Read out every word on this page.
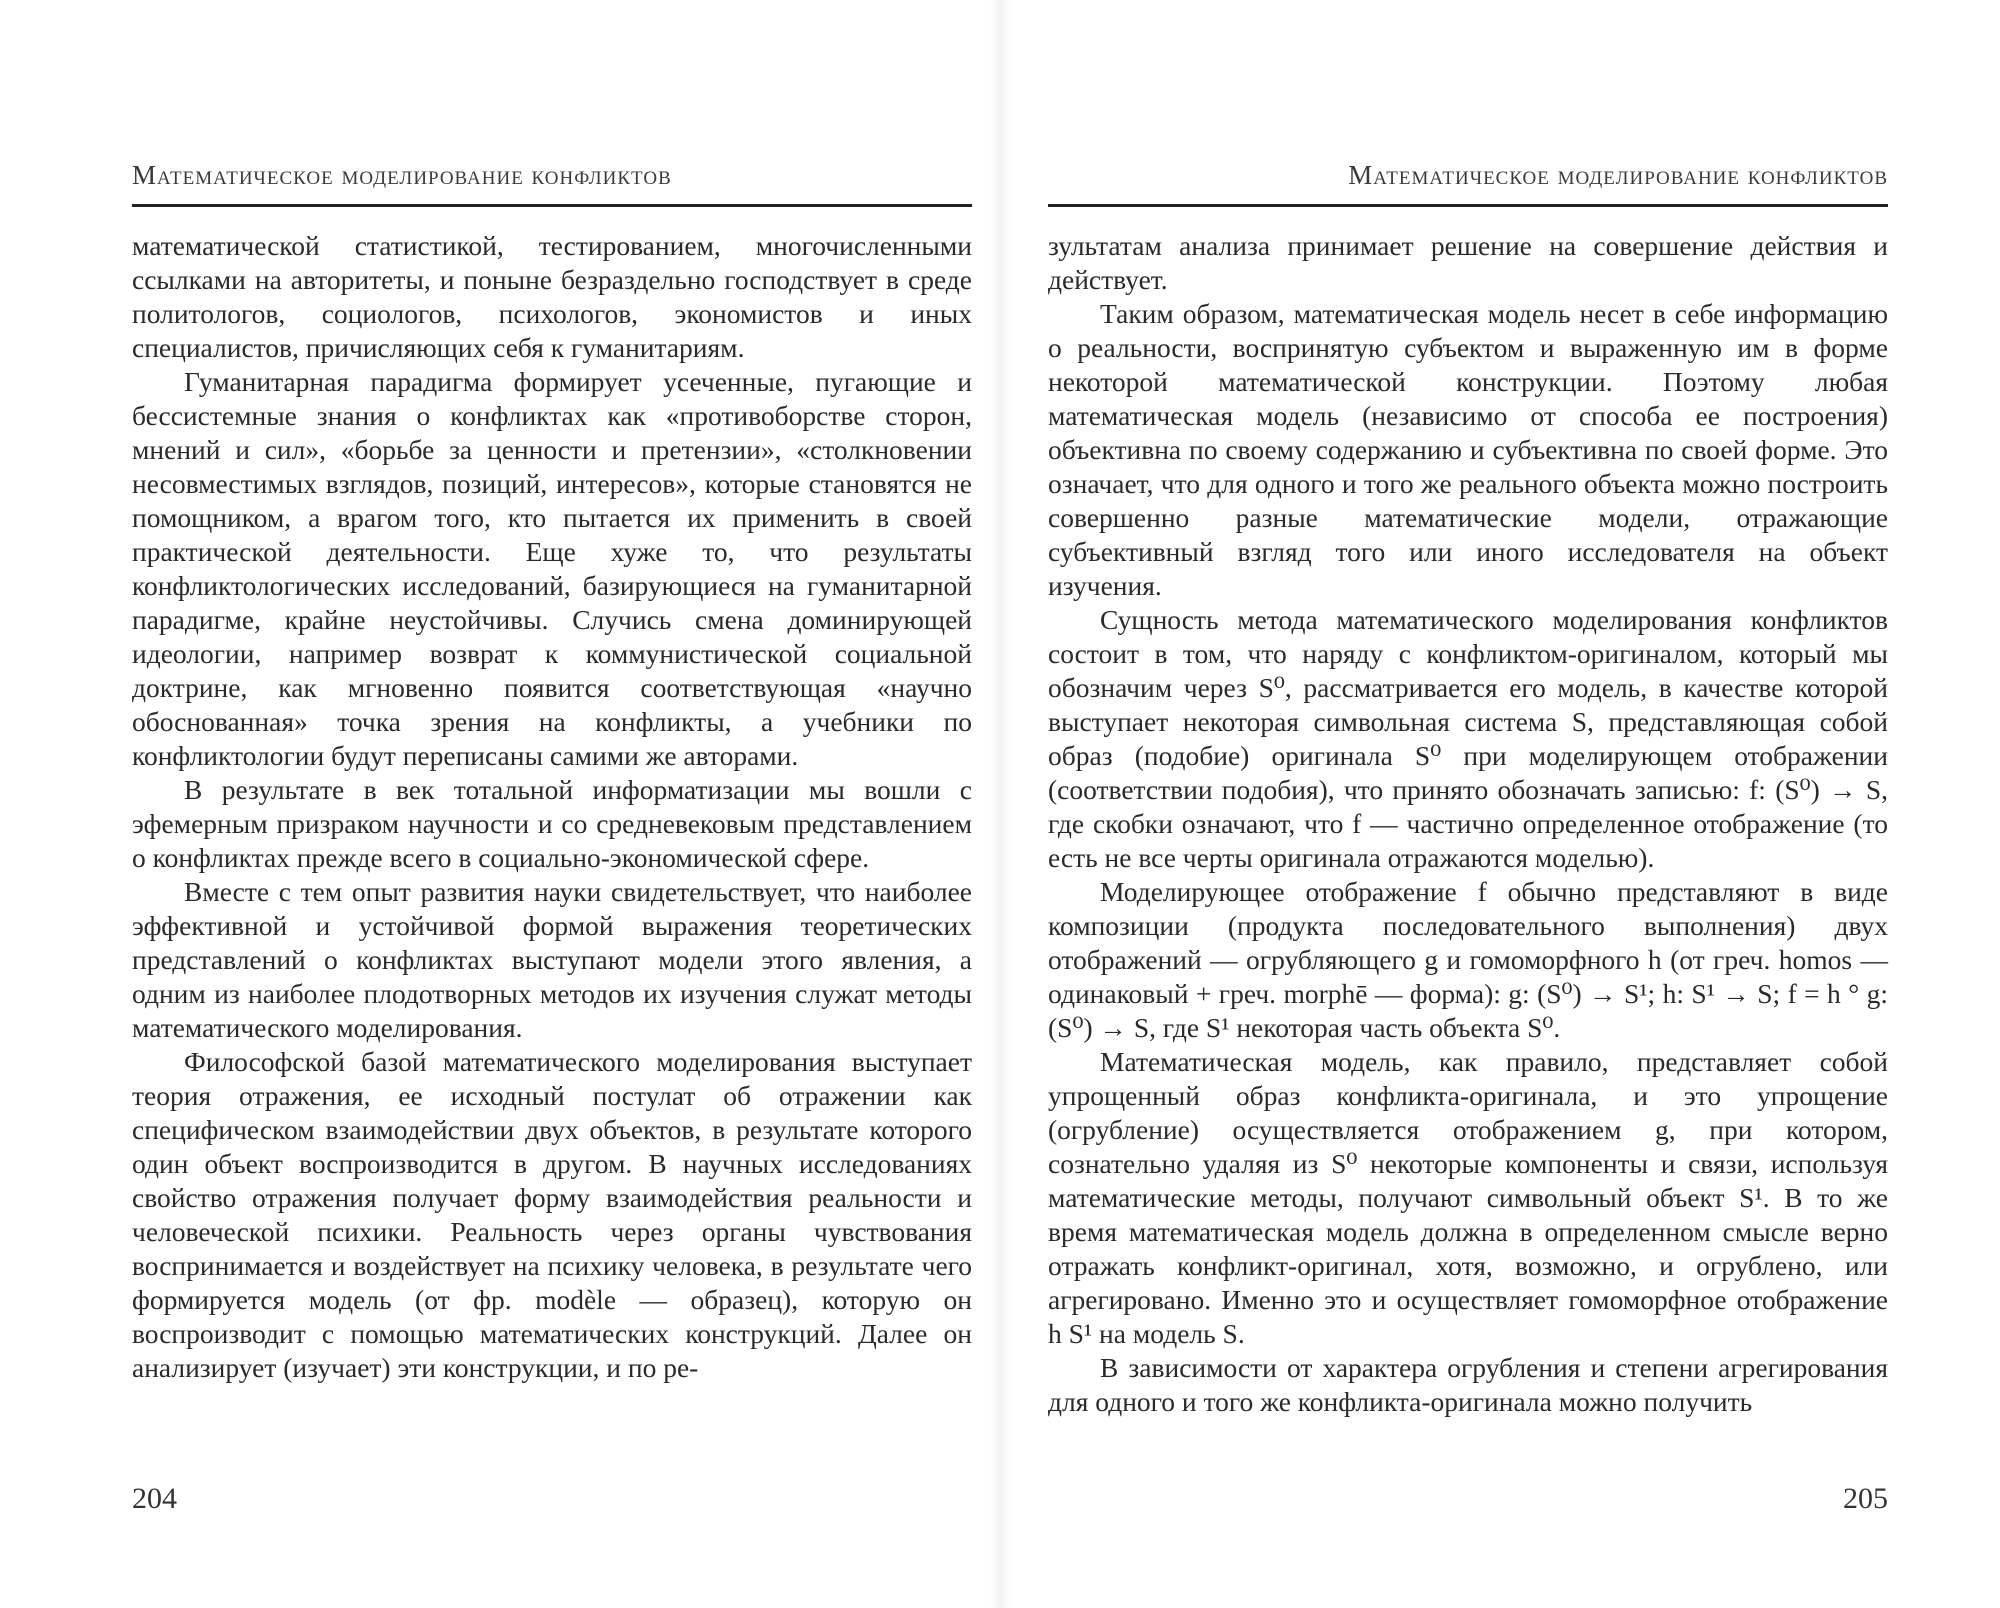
Математическое моделирование конфликтов

математической статистикой, тестированием, многочисленными ссылками на авторитеты, и поныне безраздельно господствует в среде политологов, социологов, психологов, экономистов и иных специалистов, причисляющих себя к гуманитариям.

Гуманитарная парадигма формирует усеченные, пугающие и бессистемные знания о конфликтах как «противоборстве сторон, мнений и сил», «борьбе за ценности и претензии», «столкновении несовместимых взглядов, позиций, интересов», которые становятся не помощником, а врагом того, кто пытается их применить в своей практической деятельности. Еще хуже то, что результаты конфликтологических исследований, базирующиеся на гуманитарной парадигме, крайне неустойчивы. Случись смена доминирующей идеологии, например возврат к коммунистической социальной доктрине, как мгновенно появится соответствующая «научно обоснованная» точка зрения на конфликты, а учебники по конфликтологии будут переписаны самими же авторами.

В результате в век тотальной информатизации мы вошли с эфемерным призраком научности и со средневековым представлением о конфликтах прежде всего в социально-экономической сфере.

Вместе с тем опыт развития науки свидетельствует, что наиболее эффективной и устойчивой формой выражения теоретических представлений о конфликтах выступают модели этого явления, а одним из наиболее плодотворных методов их изучения служат методы математического моделирования.

Философской базой математического моделирования выступает теория отражения, ее исходный постулат об отражении как специфическом взаимодействии двух объектов, в результате которого один объект воспроизводится в другом. В научных исследованиях свойство отражения получает форму взаимодействия реальности и человеческой психики. Реальность через органы чувствования воспринимается и воздействует на психику человека, в результате чего формируется модель (от фр. modèle — образец), которую он воспроизводит с помощью математических конструкций. Далее он анализирует (изучает) эти конструкции, и по ре-

204
Математическое моделирование конфликтов

зультатам анализа принимает решение на совершение действия и действует.

Таким образом, математическая модель несет в себе информацию о реальности, воспринятую субъектом и выраженную им в форме некоторой математической конструкции. Поэтому любая математическая модель (независимо от способа ее построения) объективна по своему содержанию и субъективна по своей форме. Это означает, что для одного и того же реального объекта можно построить совершенно разные математические модели, отражающие субъективный взгляд того или иного исследователя на объект изучения.

Сущность метода математического моделирования конфликтов состоит в том, что наряду с конфликтом-оригиналом, который мы обозначим через S⁰, рассматривается его модель, в качестве которой выступает некоторая символьная система S, представляющая собой образ (подобие) оригинала S⁰ при моделирующем отображении (соответствии подобия), что принято обозначать записью: f: (S⁰) → S, где скобки означают, что f — частично определенное отображение (то есть не все черты оригинала отражаются моделью).

Моделирующее отображение f обычно представляют в виде композиции (продукта последовательного выполнения) двух отображений — огрубляющего g и гомоморфного h (от греч. homos — одинаковый + греч. morphē — форма): g: (S⁰) → S¹; h: S¹ → S; f = h ° g: (S⁰) → S, где S¹ некоторая часть объекта S⁰.

Математическая модель, как правило, представляет собой упрощенный образ конфликта-оригинала, и это упрощение (огрубление) осуществляется отображением g, при котором, сознательно удаляя из S⁰ некоторые компоненты и связи, используя математические методы, получают символьный объект S¹. В то же время математическая модель должна в определенном смысле верно отражать конфликт-оригинал, хотя, возможно, и огрублено, или агрегировано. Именно это и осуществляет гомоморфное отображение h S¹ на модель S.

В зависимости от характера огрубления и степени агрегирования для одного и того же конфликта-оригинала можно получить

205
